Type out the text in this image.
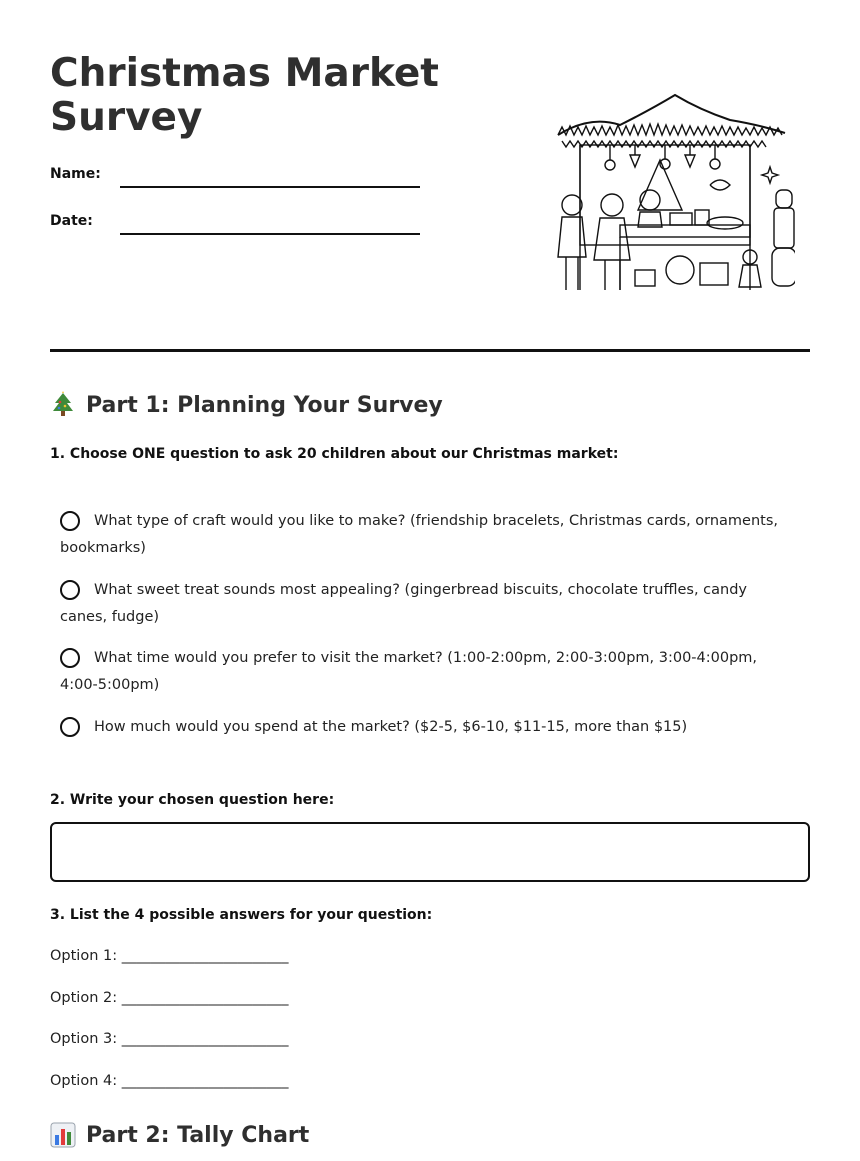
Christmas Market Survey
Name:
Date:
Part 1: Planning Your Survey
1. Choose ONE question to ask 20 children about our Christmas market:
What type of craft would you like to make? (friendship bracelets, Christmas cards, ornaments, bookmarks)
What sweet treat sounds most appealing? (gingerbread biscuits, chocolate truffles, candy canes, fudge)
What time would you prefer to visit the market? (1:00-2:00pm, 2:00-3:00pm, 3:00-4:00pm, 4:00-5:00pm)
How much would you spend at the market? ($2-5, $6-10, $11-15, more than $15)
2. Write your chosen question here:
3. List the 4 possible answers for your question:
Option 1: _______________________
Option 2: _______________________
Option 3: _______________________
Option 4: _______________________
Part 2: Tally Chart
